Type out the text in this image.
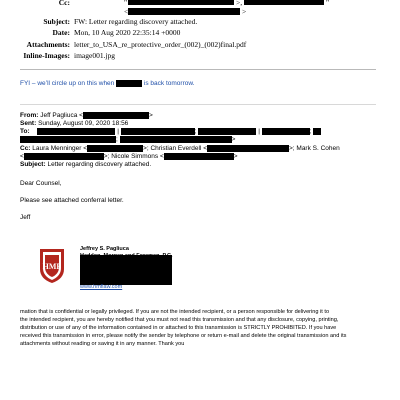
Cc:	"	>,	"
<	>
Subject: FW: Letter regarding discovery attached.
Date: Mon, 10 Aug 2020 22:35:14 +0000
Attachments: letter_to_USA_re_protective_order_(002)_(002)final.pdf
Inline-Images: image001.jpg
FYI – we’ll circle up on this when	is back tomorrow.
From: Jeff Pagliuca <	>
Sent: Sunday, August 09, 2020 18:56
To:	|	;	|	;
;	>
Cc: Laura Menninger <	>; Christian Everdell <	>; Mark S. Cohen
<	>; Nicole Simmons <	>
Subject: Letter regarding discovery attached.
Dear Counsel,
Please see attached conferral letter.
Jeff
HMF
Jeffrey S. Pagliuca
www.hmflaw.com
mation that is confidential or legally privileged. If you are not the intended recipient, or a person responsible for delivering it to
the intended recipient, you are hereby notified that you must not read this transmission and that any disclosure, copying, printing,
distribution or use of any of the information contained in or attached to this transmission is STRICTLY PROHIBITED. If you have
received this transmission in error, please notify the sender by telephone or return e-mail and delete the original transmission and its
attachments without reading or saving it in any manner. Thank you
